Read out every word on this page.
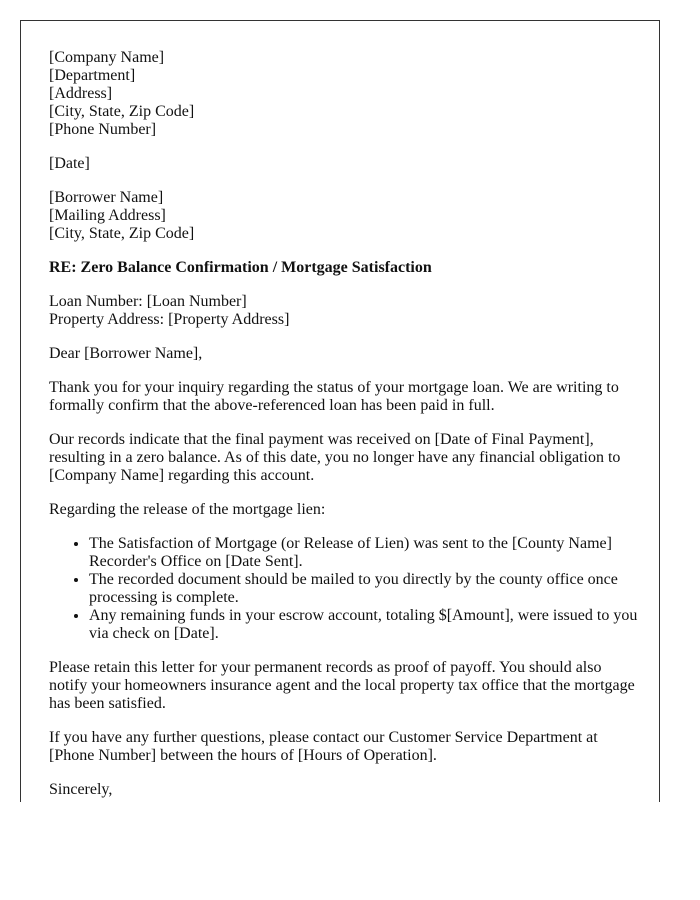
[Company Name]
[Department]
[Address]
[City, State, Zip Code]
[Phone Number]
[Date]
[Borrower Name]
[Mailing Address]
[City, State, Zip Code]
RE: Zero Balance Confirmation / Mortgage Satisfaction
Loan Number: [Loan Number]
Property Address: [Property Address]
Dear [Borrower Name],
Thank you for your inquiry regarding the status of your mortgage loan. We are writing to formally confirm that the above-referenced loan has been paid in full.
Our records indicate that the final payment was received on [Date of Final Payment], resulting in a zero balance. As of this date, you no longer have any financial obligation to [Company Name] regarding this account.
Regarding the release of the mortgage lien:
• The Satisfaction of Mortgage (or Release of Lien) was sent to the [County Name] Recorder's Office on [Date Sent].
• The recorded document should be mailed to you directly by the county office once processing is complete.
• Any remaining funds in your escrow account, totaling $[Amount], were issued to you via check on [Date].
Please retain this letter for your permanent records as proof of payoff. You should also notify your homeowners insurance agent and the local property tax office that the mortgage has been satisfied.
If you have any further questions, please contact our Customer Service Department at [Phone Number] between the hours of [Hours of Operation].
Sincerely,
